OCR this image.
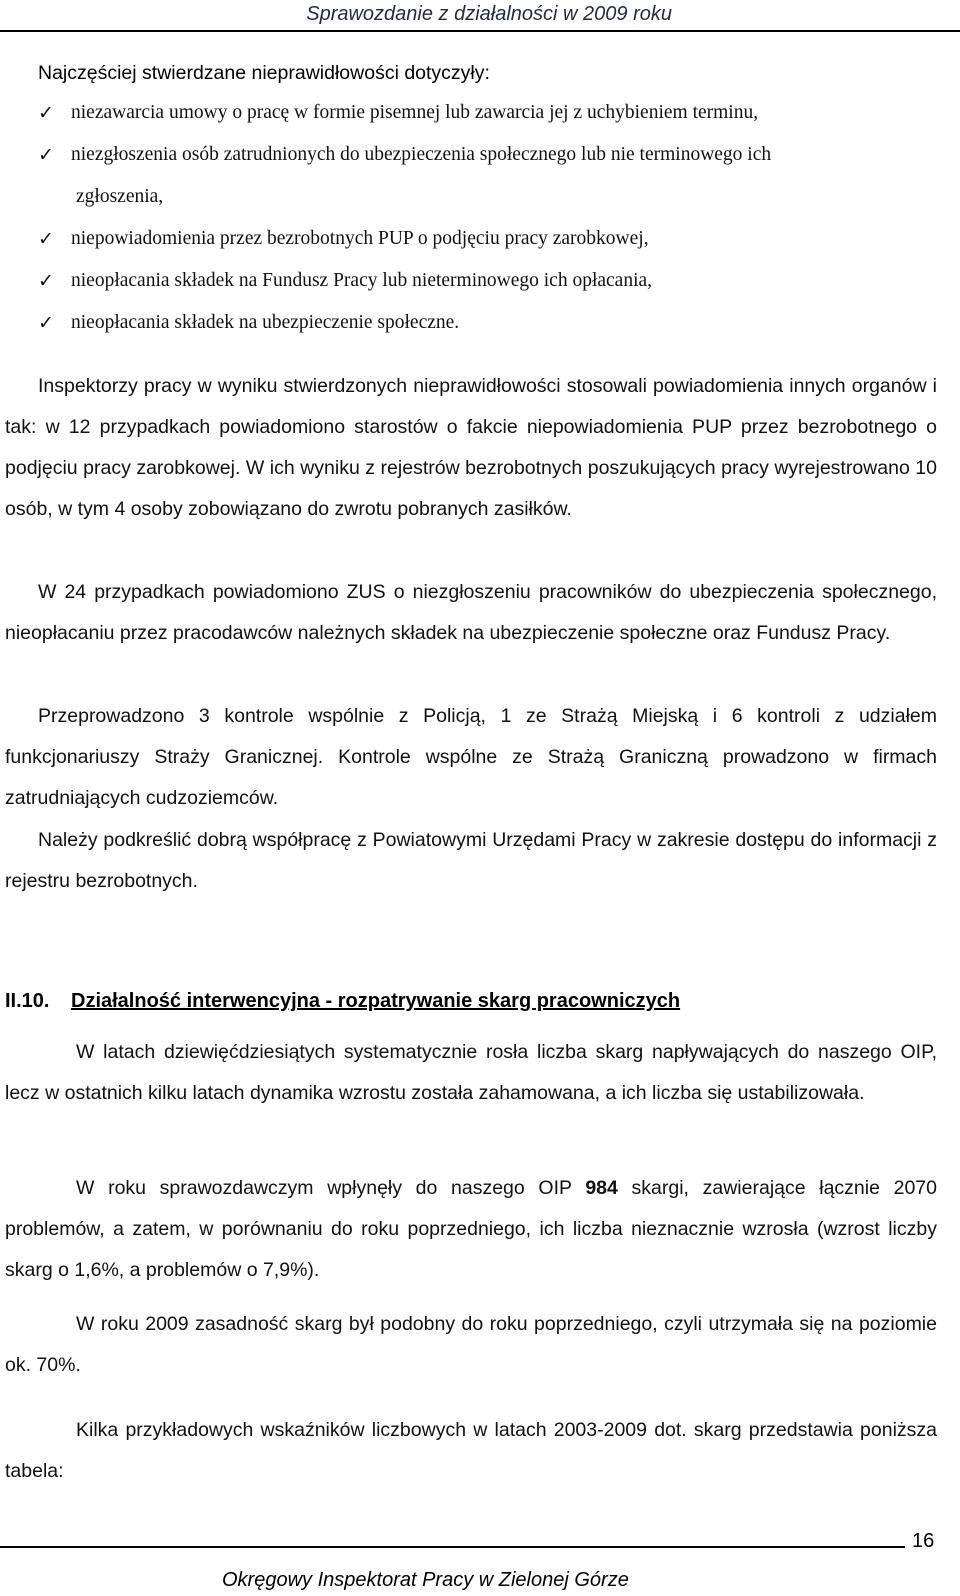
Sprawozdanie z działalności w 2009 roku
Najczęściej stwierdzane nieprawidłowości dotyczyły:
✓ niezawarcia umowy o pracę w formie pisemnej lub zawarcia jej z uchybieniem terminu,
✓ niezgłoszenia osób zatrudnionych do ubezpieczenia społecznego lub nie terminowego ich
zgłoszenia,
✓ niepowiadomienia przez bezrobotnych PUP o podjęciu pracy zarobkowej,
✓ nieopłacania składek na Fundusz Pracy lub nieterminowego ich opłacania,
✓ nieopłacania składek na ubezpieczenie społeczne.
Inspektorzy pracy w wyniku stwierdzonych nieprawidłowości stosowali powiadomienia innych organów i tak: w 12 przypadkach powiadomiono starostów o fakcie niepowiadomienia PUP przez bezrobotnego o podjęciu pracy zarobkowej. W ich wyniku z rejestrów bezrobotnych poszukujących pracy wyrejestrowano 10 osób, w tym 4 osoby zobowiązano do zwrotu pobranych zasiłków.
W 24 przypadkach powiadomiono ZUS o niezgłoszeniu pracowników do ubezpieczenia społecznego, nieopłacaniu przez pracodawców należnych składek na ubezpieczenie społeczne oraz Fundusz Pracy.
Przeprowadzono 3 kontrole wspólnie z Policją, 1 ze Strażą Miejską i 6 kontroli z udziałem funkcjonariuszy Straży Granicznej. Kontrole wspólne ze Strażą Graniczną prowadzono w firmach zatrudniających cudzoziemców.
Należy podkreślić dobrą współpracę z Powiatowymi Urzędami Pracy w zakresie dostępu do informacji z rejestru bezrobotnych.
II.10. Działalność interwencyjna - rozpatrywanie skarg pracowniczych
W latach dziewięćdziesiątych systematycznie rosła liczba skarg napływających do naszego OIP, lecz w ostatnich kilku latach dynamika wzrostu została zahamowana, a ich liczba się ustabilizowała.
W roku sprawozdawczym wpłynęły do naszego OIP 984 skargi, zawierające łącznie 2070 problemów, a zatem, w porównaniu do roku poprzedniego, ich liczba nieznacznie wzrosła (wzrost liczby skarg o 1,6%, a problemów o 7,9%).
W roku 2009 zasadność skarg był podobny do roku poprzedniego, czyli utrzymała się na poziomie ok. 70%.
Kilka przykładowych wskaźników liczbowych w latach 2003-2009 dot. skarg przedstawia poniższa tabela:
16
Okręgowy Inspektorat Pracy w Zielonej Górze
